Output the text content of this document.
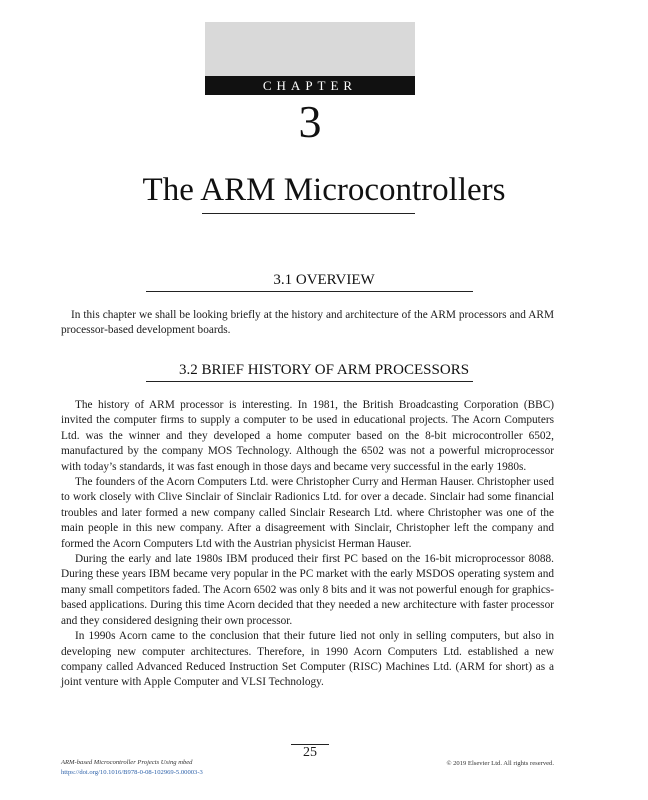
CHAPTER
3
The ARM Microcontrollers
3.1 OVERVIEW
In this chapter we shall be looking briefly at the history and architecture of the ARM processors and ARM processor-based development boards.
3.2 BRIEF HISTORY OF ARM PROCESSORS

The history of ARM processor is interesting. In 1981, the British Broadcasting Corporation (BBC) invited the computer firms to supply a computer to be used in educational projects. The Acorn Computers Ltd. was the winner and they developed a home computer based on the 8-bit microcontroller 6502, manufactured by the company MOS Technology. Although the 6502 was not a powerful microprocessor with today’s standards, it was fast enough in those days and became very successful in the early 1980s.

The founders of the Acorn Computers Ltd. were Christopher Curry and Herman Hauser. Christopher used to work closely with Clive Sinclair of Sinclair Radionics Ltd. for over a decade. Sinclair had some financial troubles and later formed a new company called Sinclair Research Ltd. where Christopher was one of the main people in this new company. After a disagreement with Sinclair, Christopher left the company and formed the Acorn Computers Ltd with the Austrian physicist Herman Hauser.

During the early and late 1980s IBM produced their first PC based on the 16-bit microprocessor 8088. During these years IBM became very popular in the PC market with the early MSDOS operating system and many small competitors faded. The Acorn 6502 was only 8 bits and it was not powerful enough for graphics-based applications. During this time Acorn decided that they needed a new architecture with faster processor and they considered designing their own processor.

In 1990s Acorn came to the conclusion that their future lied not only in selling computers, but also in developing new computer architectures. Therefore, in 1990 Acorn Computers Ltd. established a new company called Advanced Reduced Instruction Set Computer (RISC) Machines Ltd. (ARM for short) as a joint venture with Apple Computer and VLSI Technology.

ARM-based Microcontroller Projects Using mbed
https://doi.org/10.1016/B978-0-08-102969-5.00003-3
25
© 2019 Elsevier Ltd. All rights reserved.
